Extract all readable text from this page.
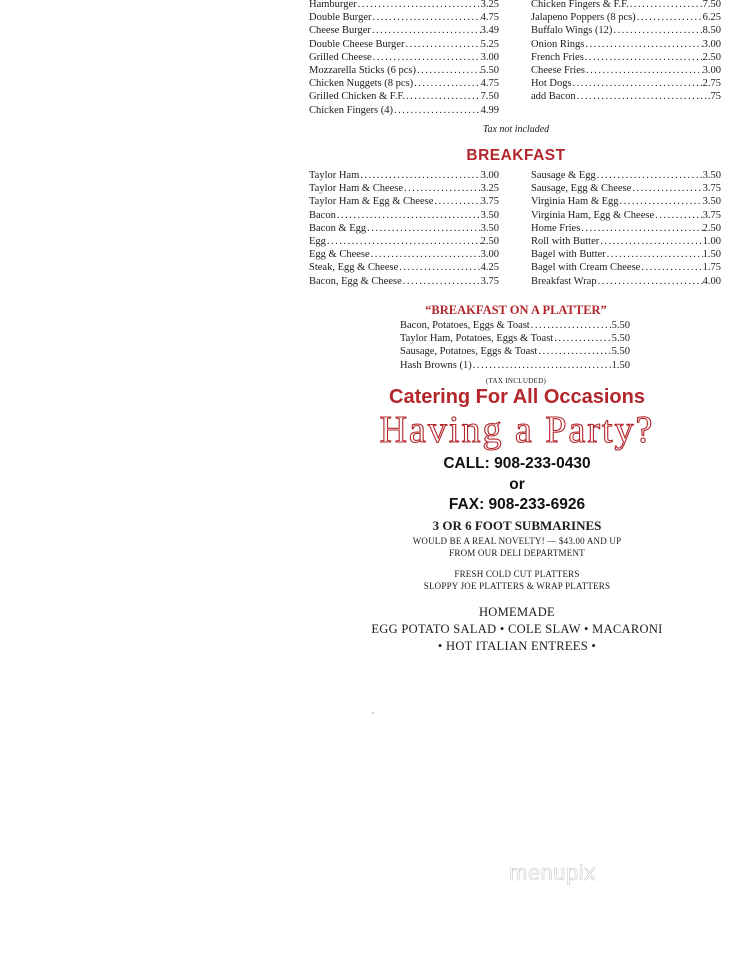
Hamburger .....	3.25
Double Burger .....	4.75
Cheese Burger .....	3.49
Double Cheese Burger .....	5.25
Grilled Cheese .....	3.00
Mozzarella Sticks (6 pcs) .....	5.50
Chicken Nuggets (8 pcs) .....	4.75
Grilled Chicken & F.F. .....	7.50
Chicken Fingers (4) .....	4.99
Chicken Fingers & F.F. .....	7.50
Jalapeno Poppers (8 pcs) .....	6.25
Buffalo Wings (12) .....	8.50
Onion Rings .....	3.00
French Fries .....	2.50
Cheese Fries .....	3.00
Hot Dogs .....	2.75
add Bacon .....	.75
Tax not included
BREAKFAST
Taylor Ham .....	3.00
Taylor Ham & Cheese .....	3.25
Taylor Ham & Egg & Cheese .....	3.75
Bacon .....	3.50
Bacon & Egg .....	3.50
Egg .....	2.50
Egg & Cheese .....	3.00
Steak, Egg & Cheese .....	4.25
Bacon, Egg & Cheese .....	3.75
Sausage & Egg .....	3.50
Sausage, Egg & Cheese .....	3.75
Virginia Ham & Egg .....	3.50
Virginia Ham, Egg & Cheese .....	3.75
Home Fries .....	2.50
Roll with Butter .....	1.00
Bagel with Butter .....	1.50
Bagel with Cream Cheese .....	1.75
Breakfast Wrap .....	4.00
“BREAKFAST ON A PLATTER”
Bacon, Potatoes, Eggs & Toast .....	5.50
Taylor Ham, Potatoes, Eggs & Toast .....	5.50
Sausage, Potatoes, Eggs & Toast .....	5.50
Hash Browns (1) .....	1.50
(TAX INCLUDED)
Catering For All Occasions
Having a Party?
CALL: 908-233-0430
or
FAX: 908-233-6926
3 OR 6 FOOT SUBMARINES
WOULD BE A REAL NOVELTY! — $43.00 AND UP
FROM OUR DELI DEPARTMENT
FRESH COLD CUT PLATTERS
SLOPPY JOE PLATTERS & WRAP PLATTERS
HOMEMADE
EGG POTATO SALAD • COLE SLAW • MACARONI
• HOT ITALIAN ENTREES •
menupix
